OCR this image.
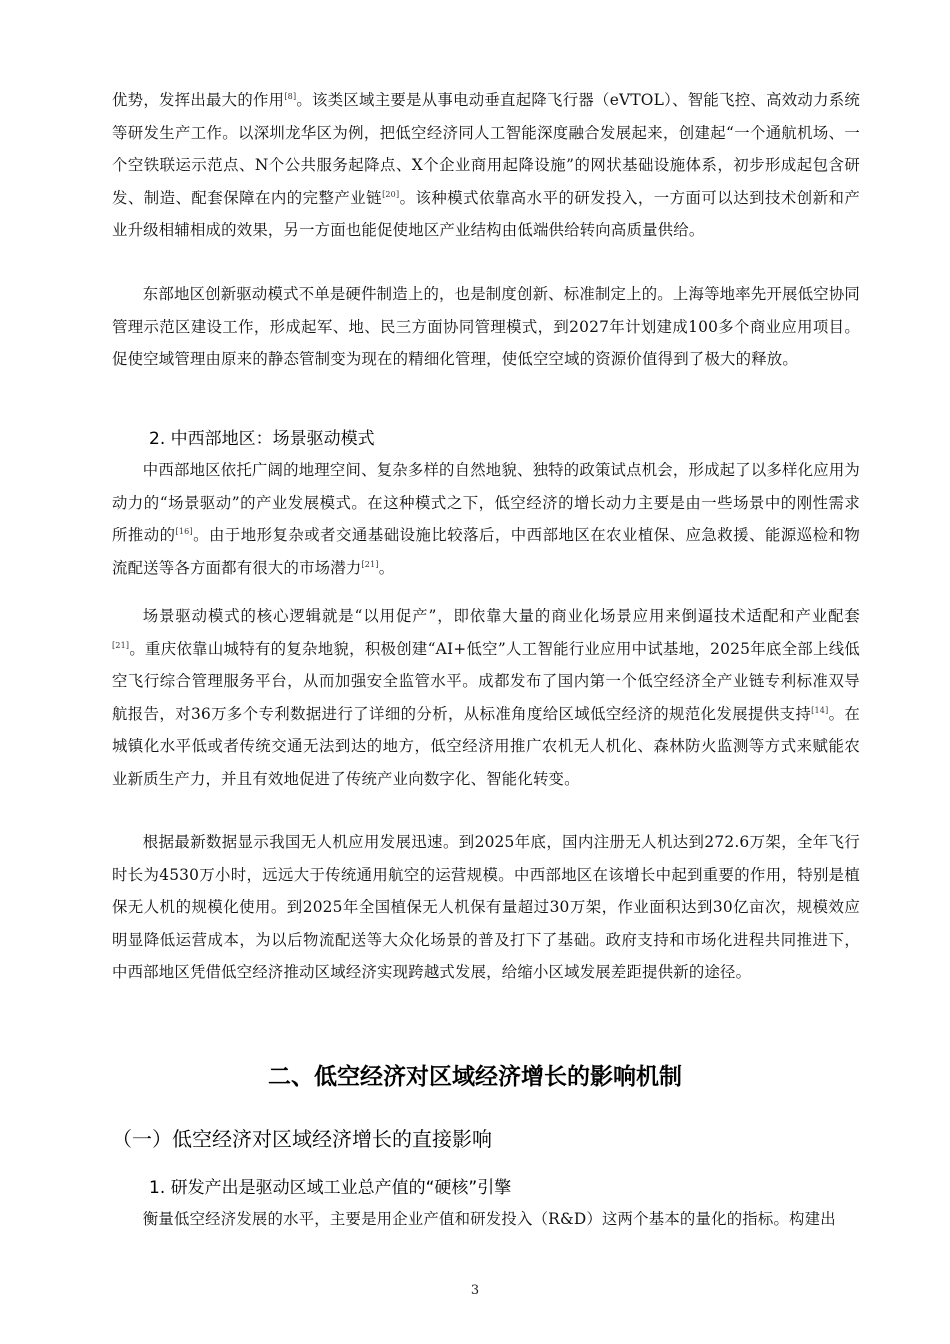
优势，发挥出最大的作用[8]。该类区域主要是从事电动垂直起降飞行器（eVTOL）、智能飞控、高效动力系统等研发生产工作。以深圳龙华区为例，把低空经济同人工智能深度融合发展起来，创建起“一个通航机场、一个空铁联运示范点、N个公共服务起降点、X个企业商用起降设施”的网状基础设施体系，初步形成起包含研发、制造、配套保障在内的完整产业链[20]。该种模式依靠高水平的研发投入，一方面可以达到技术创新和产业升级相辅相成的效果，另一方面也能促使地区产业结构由低端供给转向高质量供给。

东部地区创新驱动模式不单是硬件制造上的，也是制度创新、标准制定上的。上海等地率先开展低空协同管理示范区建设工作，形成起军、地、民三方面协同管理模式，到2027年计划建成100多个商业应用项目。促使空域管理由原来的静态管制变为现在的精细化管理，使低空空域的资源价值得到了极大的释放。

2. 中西部地区：场景驱动模式

中西部地区依托广阔的地理空间、复杂多样的自然地貌、独特的政策试点机会，形成起了以多样化应用为动力的“场景驱动”的产业发展模式。在这种模式之下，低空经济的增长动力主要是由一些场景中的刚性需求所推动的[16]。由于地形复杂或者交通基础设施比较落后，中西部地区在农业植保、应急救援、能源巡检和物流配送等各方面都有很大的市场潜力[21]。

场景驱动模式的核心逻辑就是“以用促产”，即依靠大量的商业化场景应用来倒逼技术适配和产业配套[21]。重庆依靠山城特有的复杂地貌，积极创建“AI+低空”人工智能行业应用中试基地，2025年底全部上线低空飞行综合管理服务平台，从而加强安全监管水平。成都发布了国内第一个低空经济全产业链专利标准双导航报告，对36万多个专利数据进行了详细的分析，从标准角度给区域低空经济的规范化发展提供支持[14]。在城镇化水平低或者传统交通无法到达的地方，低空经济用推广农机无人机化、森林防火监测等方式来赋能农业新质生产力，并且有效地促进了传统产业向数字化、智能化转变。

根据最新数据显示我国无人机应用发展迅速。到2025年底，国内注册无人机达到272.6万架，全年飞行时长为4530万小时，远远大于传统通用航空的运营规模。中西部地区在该增长中起到重要的作用，特别是植保无人机的规模化使用。到2025年全国植保无人机保有量超过30万架，作业面积达到30亿亩次，规模效应明显降低运营成本，为以后物流配送等大众化场景的普及打下了基础。政府支持和市场化进程共同推进下，中西部地区凭借低空经济推动区域经济实现跨越式发展，给缩小区域发展差距提供新的途径。

二、低空经济对区域经济增长的影响机制
（一）低空经济对区域经济增长的直接影响
1. 研发产出是驱动区域工业总产值的“硬核”引擎

衡量低空经济发展的水平，主要是用企业产值和研发投入（R&D）这两个基本的量化的指标。构建出

3
